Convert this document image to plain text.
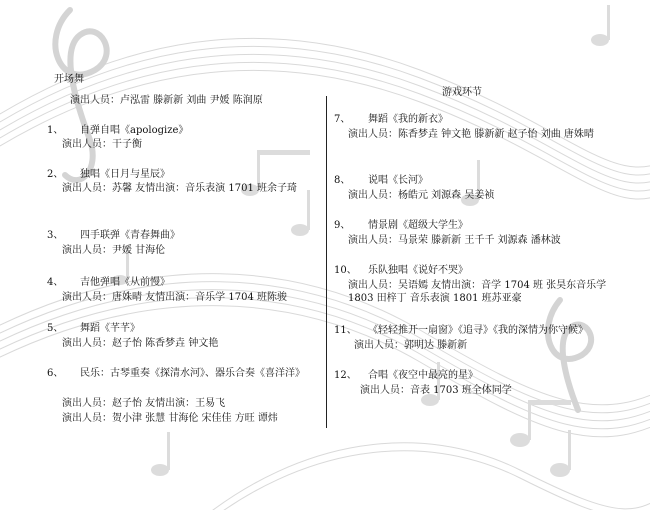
开场舞
演出人员：卢泓雷 滕新新 刘曲 尹媛 陈润原
1、 自弹自唱《apologize》
演出人员：干子衡
2、 独唱《日月与星辰》
演出人员：苏馨 友情出演：音乐表演 1701 班余子琦
3、 四手联弹《青春舞曲》
演出人员：尹媛 甘海伦
4、 吉他弹唱《从前慢》
演出人员：唐姝晴 友情出演：音乐学 1704 班陈骏
5、 舞蹈《芊芊》
演出人员：赵子怡 陈香梦垚 钟文艳
6、 民乐：古琴重奏《探清水河》、器乐合奏《喜洋洋》
演出人员：赵子怡 友情出演：王易飞
演出人员：贺小津 张慧 甘海伦 宋佳佳 方旺 谭炜
游戏环节
7、 舞蹈《我的新衣》
演出人员：陈香梦垚 钟文艳 滕新新 赵子怡 刘曲 唐姝晴
8、 说唱《长河》
演出人员：杨皓元 刘源森 吴姜祯
9、 情景剧《超级大学生》
演出人员：马景荣 滕新新 王千千 刘源森 潘林波
10、 乐队独唱《说好不哭》
演出人员：吴语嫣 友情出演：音学 1704 班 张昊东音乐学 1803 田梓丁 音乐表演 1801 班苏亚豪
11、 《轻轻推开一扇窗》《追寻》《我的深情为你守候》
演出人员：郭明达 滕新新
12、 合唱《夜空中最亮的星》
演出人员：音表 1703 班全体同学
